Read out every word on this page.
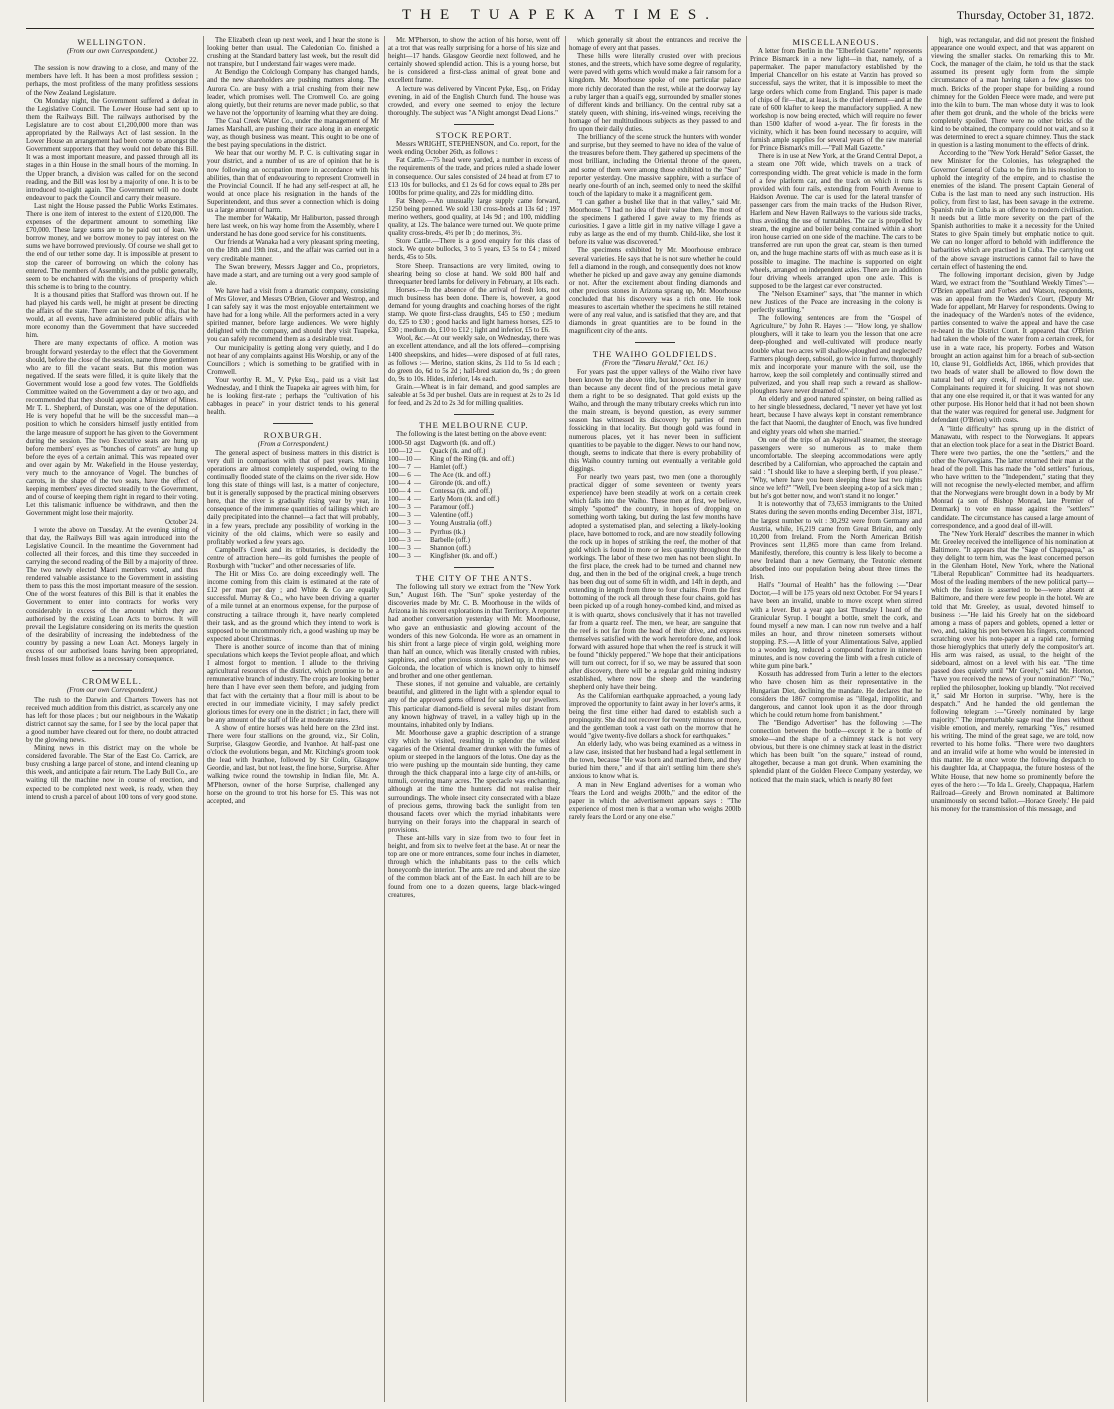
THE TUAPEKA TIMES.	Thursday, October 31, 1872.
WELLINGTON.

(From our own Correspondent.)

October 22.

The session is now drawing to a close, and many of the members have left. It has been a most profitless session ; perhaps, the most profitless of the many profitless sessions of the New Zealand Legislature.

On Monday night, the Government suffered a defeat in the Legislative Council. The Lower House had sent up to them the Railways Bill. The railways authorised by the Legislature are to cost about £1,200,000 more than was appropriated by the Railways Act of last session. In the Lower House an arrangement had been come to amongst the Government supporters that they would not debate this Bill. It was a most important measure, and passed through all its stages in a thin House in the small hours of the morning. In the Upper branch, a division was called for on the second reading, and the Bill was lost by a majority of one. It is to be introduced to-night again. The Government will no doubt endeavour to pack the Council and carry their measure.

Last night the House passed the Public Works Estimates. There is one item of interest to the extent of £120,000. The expenses of the department amount to something like £70,000. These large sums are to be paid out of loan. We borrow money, and we borrow money to pay interest on the sums we have borrowed previously. Of course we shall get to the end of our tether some day. It is impossible at present to stop the career of borrowing on which the colony has entered. The members of Assembly, and the public generally, seem to be enchanted with the visions of prosperity which this scheme is to bring to the country.

It is a thousand pities that Stafford was thrown out. If he had played his cards well, he might at present be directing the affairs of the state. There can be no doubt of this, that he would, at all events, have administered public affairs with more economy than the Government that have succeeded him.

There are many expectants of office. A motion was brought forward yesterday to the effect that the Government should, before the close of the session, name three gentlemen who are to fill the vacant seats. But this motion was negatived. If the seats were filled, it is quite likely that the Government would lose a good few votes. The Goldfields Committee waited on the Government a day or two ago, and recommended that they should appoint a Minister of Mines. Mr T. L. Shepherd, of Dunstan, was one of the deputation. He is very hopeful that he will be the successful man—a position to which he considers himself justly entitled from the large measure of support he has given to the Government during the session. The two Executive seats are hung up before members' eyes as "bunches of carrots" are hung up before the eyes of a certain animal. This was repeated over and over again by Mr. Wakefield in the House yesterday, very much to the annoyance of Vogel. The bunches of carrots, in the shape of the two seats, have the effect of keeping members' eyes directed steadily to the Government, and of course of keeping them right in regard to their voting. Let this talismanic influence be withdrawn, and then the Government might lose their majority.

October 24.

I wrote the above on Tuesday. At the evening sitting of that day, the Railways Bill was again introduced into the Legislative Council. In the meantime the Government had collected all their forces, and this time they succeeded in carrying the second reading of the Bill by a majority of three. The two newly elected Maori members voted, and thus rendered valuable assistance to the Government in assisting them to pass this the most important measure of the session. One of the worst features of this Bill is that it enables the Government to enter into contracts for works very considerably in excess of the amount which they are authorised by the existing Loan Acts to borrow. It will prevail the Legislature considering on its merits the question of the desirability of increasing the indebtedness of the country by passing a new Loan Act. Moneys largely in excess of our authorised loans having been appropriated, fresh losses must follow as a necessary consequence.

CROMWELL.

(From our own Correspondent.)

The rush to the Darwin and Charters Towers has not received much addition from this district, as scarcely any one has left for those places ; but our neighbours in the Wakatip district cannot say the same, for I see by the local paper that a good number have cleared out for there, no doubt attracted by the glowing news.

Mining news in this district may on the whole be considered favorable. The Star of the East Co. Carrick, are busy crushing a large parcel of stone, and intend cleaning up this week, and anticipate a fair return. The Lady Bull Co., are waiting till the machine now in course of erection, and expected to be completed next week, is ready, when they intend to crush a parcel of about 100 tons of very good stone.

The Elizabeth clean up next week, and I hear the stone is looking better than usual. The Caledonian Co. finished a crushing at the Standard battery last week, but the result did not transpire, but I understand fair wages were made.

At Bendigo the Colclough Company has changed hands, and the new shareholders are pushing matters along. The Aurora Co. are busy with a trial crushing from their new leader, which promises well. The Cromwell Co. are going along quietly, but their returns are never made public, so that we have not the 'opportunity of learning what they are doing.

The Coal Creek Water Co., under the management of Mr James Marshall, are pushing their race along in an energetic way, as though business was meant. This ought to be one of the best paying speculations in the district.

We hear that our worthy M. P. C. is cultivating sugar in your district, and a number of us are of opinion that he is now following an occupation more in accordance with his abilities, than that of endeavouring to represent Cromwell in the Provincial Council. If he had any self-respect at all, he would at once place his resignation in the hands of the Superintendent, and thus sever a connection which is doing us a large amount of harm.

The member for Wakatip, Mr Haliburton, passed through here last week, on his way home from the Assembly, where I understand he has done good service for his constituents.

Our friends at Wanaka had a very pleasant spring meeting, on the 18th and 19th inst., and the affair was carried out in a very creditable manner.

The Swan brewery, Messrs Jagger and Co., proprietors, have made a start, and are turning out a very good sample of ale.

We have had a visit from a dramatic company, consisting of Mrs Glover, and Messrs O'Brien, Glover and Westrop, and I can safely say it was the most enjoyable entertainment we have had for a long while. All the performers acted in a very spirited manner, before large audiences. We were highly delighted with the company, and should they visit Tuapeka, you can safely recommend them as a desirable treat.

Our municipality is getting along very quietly, and I do not hear of any complaints against His Worship, or any of the Councillors ; which is something to be gratified with in Cromwell.

Your worthy R. M., V. Pyke Esq., paid us a visit last Wednesday, and I think the Tuapeka air agrees with him, for he is looking first-rate ; perhaps the "cultivation of his cabbages in peace" in your district tends to his general health.

ROXBURGH.

(From a Correspondent.)

The general aspect of business matters in this district is very dull in comparison with that of past years. Mining operations are almost completely suspended, owing to the continually flooded state of the claims on the river side. How long this state of things will last, is a matter of conjecture, but it is generally supposed by the practical mining observers here, that the river is gradually rising year by year, in consequence of the immense quantities of tailings which are daily precipitated into the channel—a fact that will probably, in a few years, preclude any possibility of working in the vicinity of the old claims, which were so easily and profitably worked a few years ago.

Campbell's Creek and its tributaries, is decidedly the centre of attraction here—its gold furnishes the people of Roxburgh with "tucker" and other necessaries of life.

The Hit or Miss Co. are doing exceedingly well. The income coming from this claim is estimated at the rate of £12 per man per day ; and White & Co are equally successful. Murray & Co., who have been driving a quarter of a mile tunnel at an enormous expense, for the purpose of constructing a tailrace through it, have nearly completed their task, and as the ground which they intend to work is supposed to be uncommonly rich, a good washing up may be expected about Christmas.

There is another source of income than that of mining speculations which keeps the Teviot people afloat, and which I almost forgot to mention. I allude to the thriving agricultural resources of the district, which promise to be a remunerative branch of industry. The crops are looking better here than I have ever seen them before, and judging from that fact with the certainty that a flour mill is about to be erected in our immediate vicinity, I may safely predict glorious times for every one in the district ; in fact, there will be any amount of the staff of life at moderate rates.

A show of entire horses was held here on the 23rd inst. There were four stallions on the ground, viz., Sir Colin, Surprise, Glasgow Geordie, and Ivanhoe. At half-past one o'clock the evolutions began, and Mr. Kitching's groom took the lead with Ivanhoe, followed by Sir Colin, Glasgow Geordie, and last, but not least, the fine horse, Surprise. After walking twice round the township in Indian file, Mr. A. M'Pherson, owner of the horse Surprise, challenged any horse on the ground to trot his horse for £5. This was not accepted, and

Mr. M'Pherson, to show the action of his horse, went off at a trot that was really surprising for a horse of his size and height—17 hands. Glasgow Geordie next followed, and he certainly showed splendid action. This is a young horse, but he is considered a first-class animal of great bone and excellent frame.

A lecture was delivered by Vincent Pyke, Esq., on Friday evening, in aid of the English Church fund. The house was crowded, and every one seemed to enjoy the lecture thoroughly. The subject was "A Night amongst Dead Lions."

STOCK REPORT.

Messrs WRIGHT, STEPHENSON, and Co. report, for the week ending October 26th, as follows :

Fat Cattle.—75 head were yarded, a number in excess of the requirements of the trade, and prices ruled a shade lower in consequence. Our sales consisted of 24 head at from £7 to £13 10s for bullocks, and £1 2s 6d for cows equal to 28s per 100lbs for prime quality, and 22s for middling ditto.

Fat Sheep.—An unusually large supply came forward, 1250 being penned. We sold 130 cross-breds at 13s 6d ; 197 merino wethers, good quality, at 14s 9d ; and 100, middling quality, at 12s. The balance were turned out. We quote prime quality cross-breds, 4½ per lb ; do merinos, 3½.

Store Cattle.—There is a good enquiry for this class of stock. We quote bullocks, 3 to 5 years, £3 5s to £4 ; mixed herds, 45s to 50s.

Store Sheep. Transactions are very limited, owing to shearing being so close at hand. We sold 800 half and threequarter bred lambs for delivery in February, at 10s each.

Horses.—In the absence of the arrival of fresh lots, not much business has been done. There is, however, a good demand for young draughts and coaching horses of the right stamp. We quote first-class draughts, £45 to £50 ; medium do, £25 to £30 ; good hacks and light harness horses, £25 to £30 ; medium do, £10 to £12 ; light and inferior, £5 to £6.

Wool, &c.—At our weekly sale, on Wednesday, there was an excellent attendance, and all the lots offered—comprising 1400 sheepskins, and hides—were disposed of at full rates, as follows :— Merino, station skins, 2s 11d to 5s 1d each ; do green do, 6d to 5s 2d ; half-bred station do, 9s ; do green do, 9s to 10s. Hides, inferior, 14s each.

Grain.—Wheat is in fair demand, and good samples are saleable at 5s 3d per bushel. Oats are in request at 2s to 2s 1d for feed, and 2s 2d to 2s 3d for milling qualities.

THE MELBOURNE CUP.

The following is the latest betting on the above event:

1000-50 agst Dagworth (tk. and off.)
100—12 —	Quack (tk. and off.)
100—10 —	King of the Ring (tk. and off.)
100— 7 —	Hamlet (off.)
100— 6 —	The Ace (tk. and off.)
100— 4 —	Gironde (tk. and off.)
100— 4 —	Contessa (tk. and off.)
100— 4 —	Early Morn (tk. and off.)
100— 3 —	Paramour (off.)
100— 3 —	Valentine (off.)
100— 3 —	Young Australia (off.)
100— 3 —	Pyrrhus (tk.)
100— 3 —	Barbelle (off.)
100— 3 —	Shannon (off.)
100— 3 —	Kingfisher (tk. and off.)
THE CITY OF THE ANTS.

The following tall story we extract from the "New York Sun," August 16th. The "Sun" spoke yesterday of the discoveries made by Mr. C. B. Moorhouse in the wilds of Arizona in his recent explorations in that Territory. A reporter had another conversation yesterday with Mr. Moorhouse, who gave an enthusiastic and glowing account of the wonders of this new Golconda. He wore as an ornament in his shirt front a large piece of virgin gold, weighing more than half an ounce, which was literally crusted with rubies, sapphires, and other precious stones, picked up, in this new Golconda, the location of which is known only to himself and brother and one other gentleman.

These stones, if not genuine and valuable, are certainly beautiful, and glittered in the light with a splendor equal to any of the approved gems offered for sale by our jewellers. This particular diamond-field is several miles distant from any known highway of travel, in a valley high up in the mountains, inhabited only by Indians.

Mr. Moorhouse gave a graphic description of a strange city which he visited, resulting in splendor the wildest vagaries of the Oriental dreamer drunken with the fumes of opium or steeped in the languors of the lotus. One day as the trio were pushing up the mountain side hunting, they came through the thick chapparal into a large city of ant-hills, or tumuli, covering many acres. The spectacle was enchanting, although at the time the hunters did not realise their surroundings. The whole insect city consecrated with a blaze of precious gems, throwing back the sunlight from ten thousand facets over which the myriad inhabitants were hurrying on their forays into the chapparal in search of provisions.

These ant-hills vary in size from two to four feet in height, and from six to twelve feet at the base. At or near the top are one or more entrances, some four inches in diameter, through which the inhabitants pass to the cells which honeycomb the interior. The ants are red and about the size of the common black ant of the East. In each hill are to be found from one to a dozen queens, large black-winged creatures,

which generally sit about the entrances and receive the homage of every ant that passes.

These hills were literally crusted over with precious stones, and the streets, which have some degree of regularity, were paved with gems which would make a fair ransom for a kingdom. Mr. Moorhouse spoke of one particular palace more richly decorated than the rest, while at the doorway lay a ruby larger than a quail's egg, surrounded by smaller stones of different kinds and brilliancy. On the central ruby sat a stately queen, with shining, iris-veined wings, receiving the homage of her multitudinous subjects as they passed to and fro upon their daily duties.

The brilliancy of the scene struck the hunters with wonder and surprise, but they seemed to have no idea of the value of the treasures before them. They gathered up specimens of the most brilliant, including the Oriental throne of the queen, and some of them were among those exhibited to the "Sun" reporter yesterday. One massive sapphire, with a surface of nearly one-fourth of an inch, seemed only to need the skilful touch of the lapidary to make it a magnificent gem.

"I can gather a bushel like that in that valley," said Mr. Moorhouse. "I had no idea of their value then. The most of the specimens I gathered I gave away to my friends as curiosities. I gave a little girl in my native village I gave a ruby as large as the end of my thumb. Child-like, she lost it before its value was discovered."

The specimens exhibited by Mr. Moorhouse embrace several varieties. He says that he is not sure whether he could fell a diamond in the rough, and consequently does not know whether he picked up and gave away any genuine diamonds or not. After the excitement about finding diamonds and other precious stones in Arizona sprang up, Mr. Moorhouse concluded that his discovery was a rich one. He took measures to ascertain whether the specimens he still retained were of any real value, and is satisfied that they are, and that diamonds in great quantities are to be found in the magnificent city of the ants.

THE WAIHO GOLDFIELDS.

(From the "Timaru Herald," Oct. 16.)

For years past the upper valleys of the Waiho river have been known by the above title, but known so rather in irony than because any decent find of the precious metal gave them a right to be so designated. That gold exists up the Waiho, and through the many tributary creeks which run into the main stream, is beyond question, as every summer season has witnessed its discovery by parties of men fossicking in that locality. But though gold was found in numerous places, yet it has never been in sufficient quantities to be payable to the digger. News to our hand now, though, seems to indicate that there is every probability of this Waiho country turning out eventually a veritable gold diggings.

For nearly two years past, two men (one a thoroughly practical digger of some seventeen or twenty years experience) have been steadily at work on a certain creek which falls into the Waiho. These men at first, we believe, simply "spotted" the country, in hopes of dropping on something worth taking, but during the last few months have adopted a systematised plan, and selecting a likely-looking place, have bottomed to rock, and are now steadily following the rock up in hopes of striking the reef, the mother of that gold which is found in more or less quantity throughout the workings. The labor of these two men has not been slight. In the first place, the creek had to be turned and channel new dug, and then in the bed of the original creek, a huge trench has been dug out of some 6ft in width, and 14ft in depth, and extending in length from three to four chains. From the first bottoming of the rock all through these four chains, gold has been picked up of a rough honey-combed kind, and mixed as it is with quartz, shows conclusively that it has not travelled far from a quartz reef. The men, we hear, are sanguine that the reef is not far from the head of their drive, and express themselves satisfied with the work heretofore done, and look forward with assured hope that when the reef is struck it will be found "thickly peppered." We hope that their anticipations will turn out correct, for if so, we may be assured that soon after discovery, there will be a regular gold mining industry established, where now the sheep and the wandering shepherd only have their being.

As the Californian earthquake approached, a young lady improved the opportunity to faint away in her lover's arms, it being the first time either had dared to establish such a propinquity. She did not recover for twenty minutes or more, and the gentleman took a vast oath on the morrow that he would "give twenty-five dollars a shock for earthquakes."

An elderly lady, who was being examined as a witness in a law case, insisted that her husband had a legal settlement in the town, because "He was born and married there, and they buried him there," and if that ain't settling him there she's anxious to know what is.

A man in New England advertises for a woman who "fears the Lord and weighs 200lb," and the editor of the paper in which the advertisement appears says : "The experience of most men is that a woman who weighs 200lb rarely fears the Lord or any one else."

MISCELLANEOUS.

A letter from Berlin in the "Elberfeld Gazette" represents Prince Bismarck in a new light—in that, namely, of a papermaker. The paper manufactory established by the Imperial Chancellor on his estate at Varzin has proved so successful, says the writer, that it is impossible to meet the large orders which come from England. This paper is made of chips of fir—that, at least, is the chief element—and at the rate of 600 klafter to keep the manufactory supplied. A new workshop is now being erected, which will require no fewer than 1500 klafter of wood a-year. The fir forests in the vicinity, which it has been found necessary to acquire, will furnish ample supplies for several years of the raw material for Prince Bismark's mill.—"Pall Mall Gazette."

There is in use at New York, at the Grand Central Depot, a a steam one 70ft wide, which travels on a track of corresponding width. The great vehicle is made in the form of a few platform car, and the track on which it runs is provided with four rails, extending from Fourth Avenue to Haidson Avenue. The car is used for the lateral transfer of passenger cars from the main tracks of the Hudson River, Harlem and New Haven Railways to the various side tracks, thus avoiding the use of turntables. The car is propelled by steam, the engine and boiler being contained within a short iron house carried on one side of the machine. The cars to be transferred are run upon the great car, steam is then turned on, and the huge machine starts off with as much ease as it is possible to imagine. The machine is supported on eight wheels, arranged on independent axles. There are in addition four driving wheels arranged upon one axle. This is supposed to be the largest car ever constructed.

The "Nelson Examiner" says, that "the manner in which new Justices of the Peace are increasing in the colony is perfectly startling."

The following sentences are from the "Gospel of Agriculture," by John R. Hayes :— "How long, ye shallow ploughers, will it take to learn you the lesson that one acre deep-ploughed and well-cultivated will produce nearly double what two acres will shallow-ploughed and neglected? Farmers plough deep, subsoil, go twice in furrow, thoroughly mix and incorporate your manure with the soil, use the harrow, keep the soil completely and continually stirred and pulverized, and you shall reap such a reward as shallow-ploughers have never dreamed of."

An elderly and good natured spinster, on being rallied as to her single blessedness, declared, "I never yet have yet lost heart, because I have always kept in constant remembrance the fact that Naomi, the daughter of Enoch, was five hundred and eighty years old when she married."

On one of the trips of an Aspinwall steamer, the steerage passengers were so numerous as to make them uncomfortable. The sleeping accommodations were aptly described by a Californian, who approached the captain and said : "I should like to have a sleeping berth, if you please." "Why, where have you been sleeping these last two nights since we left?" "Well, I've been sleeping a-top of a sick man ; but he's got better now, and won't stand it no longer."

It is noteworthy that of 73,653 immigrants to the United States during the seven months ending December 31st, 1871, the largest number to wit : 30,292 were from Germany and Austria, while, 16,219 came from Great Britain, and only 10,200 from Ireland. From the North American British Provinces sent 11,865 more than came from Ireland. Manifestly, therefore, this country is less likely to become a new Ireland than a new Germany, the Teutonic element absorbed into our population being about three times the Irish.

Hall's "Journal of Health" has the following :—"Dear Doctor,—I will be 175 years old next October. For 94 years I have been an invalid, unable to move except when stirred with a lever. But a year ago last Thursday I heard of the Granicular Syrup. I bought a bottle, smelt the cork, and found myself a new man. I can now run twelve and a half miles an hour, and throw nineteen somersets without stopping. P.S.—A little of your Alimentatious Salve, applied to a wooden leg, reduced a compound fracture in nineteen minutes, and is now covering the limb with a fresh cuticle of white gum pine bark."

Kossuth has addressed from Turin a letter to the electors who have chosen him as their representative in the Hungarian Diet, declining the mandate. He declares that he considers the 1867 compromise as "illegal, impolitic, and dangerous, and cannot look upon it as the door through which he could return home from banishment."

The "Bendigo Advertiser" has the following :—The connection between the bottle—except it be a bottle of smoke—and the shape of a chimney stack is not very obvious, but there is one chimney stack at least in the district which has been built "on the square," instead of round, altogether, because a man got drunk. When examining the splendid plant of the Golden Fleece Company yesterday, we noticed that the main stack, which is nearly 80 feet

high, was rectangular, and did not present the finished appearance one would expect, and that was apparent on viewing the smaller stacks. On remarking this to Mr. Cock, the manager of the claim, he told us that the stack assumed its present ugly form from the simple circumstance of a man having taken a few glasses too much. Bricks of the proper shape for building a round chimney for the Golden Fleece were made, and were put into the kiln to burn. The man whose duty it was to look after them got drunk, and the whole of the bricks were completely spoiled. There were no other bricks of the kind to be obtained, the company could not wait, and so it was determined to erect a square chimney. Thus the stack in question is a lasting monument to the effects of drink.

According to the "New York Herald" Señor Gasset, the new Minister for the Colonies, has telegraphed the Governor General of Cuba to be firm in his resolution to uphold the integrity of the empire, and to chastise the enemies of the island. The present Captain General of Cuba is the last man to need any such instruction. His policy, from first to last, has been savage in the extreme. Spanish rule in Cuba is an offence to modern civilisation. It needs but a little more severity on the part of the Spanish authorities to make it a necessity for the United States to give Spain timely but emphatic notice to quit. We can no longer afford to behold with indifference the barbarities which are practised in Cuba. The carrying out of the above savage instructions cannot fail to have the certain effect of hastening the end.

The following important decision, given by Judge Ward, we extract from the "Southland Weekly Times":—O'Brien appellant and Forbes and Watson, respondents, was an appeal from the Warden's Court, (Deputy Mr Wade for appellant, Mr Harvey for respondents. Owing to the inadequacy of the Warden's notes of the evidence, parties consented to waive the appeal and have the case re-heard in the District Court. It appeared that O'Brien had taken the whole of the water from a certain creek, for use in a wate race, his property. Forbes and Watson brought an action against him for a breach of sub-section 10, clause 91, Goldfields Act, 1866, which provides that two heads of water shall be allowed to flow down the natural bed of any creek, if required for general use. Complainants required it for sluicing. It was not shown that any one else required it, or that it was wanted for any other purpose. His Honor held that it had not been shown that the water was required for general use. Judgment for defendant (O'Brien) with costs.

A "little difficulty" has sprung up in the district of Manawatu, with respect to the Norwegians. It appears that an election took place for a seat in the District Board. There were two parties, the one the "settlers," and the other the Norwegians. The latter returned their man at the head of the poll. This has made the "old settlers" furious, who have written to the "Independent," stating that they will not recognise the newly-elected member, and affirm that the Norwegians were brought down in a body by Mr Monrad (a son of Bishop Monrad, late Premier of Denmark) to vote en masse against the "settlers'" candidate. The circumstance has caused a large amount of correspondence, and a good deal of ill-will.

The "New York Herald" describes the manner in which Mr. Greeley received the intelligence of his nomination at Baltimore. "It appears that the "Sage of Chappaqua," as they delight to term him, was the least concerned person in the Glenham Hotel, New York, where the National "Liberal Republican" Committee had its headquarters. Most of the leading members of the new political party—which the fusion is asserted to be—were absent at Baltimore, and there were few people in the hotel. We are told that Mr. Greeley, as usual, devoted himself to business :—"He laid his Greely hat on the sideboard among a mass of papers and goblets, opened a letter or two, and, taking his pen between his fingers, commenced scratching over his note-paper at a rapid rate, forming those hieroglyphics that utterly defy the compositor's art. His arm was raised, as usual, to the height of the sideboard, almost on a level with his ear. "The time passed does quietly until "Mr Greely," said Mr. Horton, "have you received the news of your nomination?" "No," replied the philosopher, looking up blandly. "Not received it," said Mr Horton in surprise. "Why, here is the despatch." And he handed the old gentleman the following telegram :—"Greely nominated by large majority." The imperturbable sage read the lines without visible emotion, and merely, remarking "Yes," resumed his writing. The mind of the great sage, we are told, now reverted to his home folks. "There were two daughters and an invalid wife at home who would be interested in this matter. He at once wrote the following despatch to his daughter Ida, at Chappaqua, the future hostess of the White House, that new home so prominently before the eyes of the hero :—'To Ida L. Greely, Chappaqua, Harlem Railroad—Greely and Brown nominated at Baltimore unanimously on second ballot.—Horace Greely.' He paid his money for the transmission of this message, and
